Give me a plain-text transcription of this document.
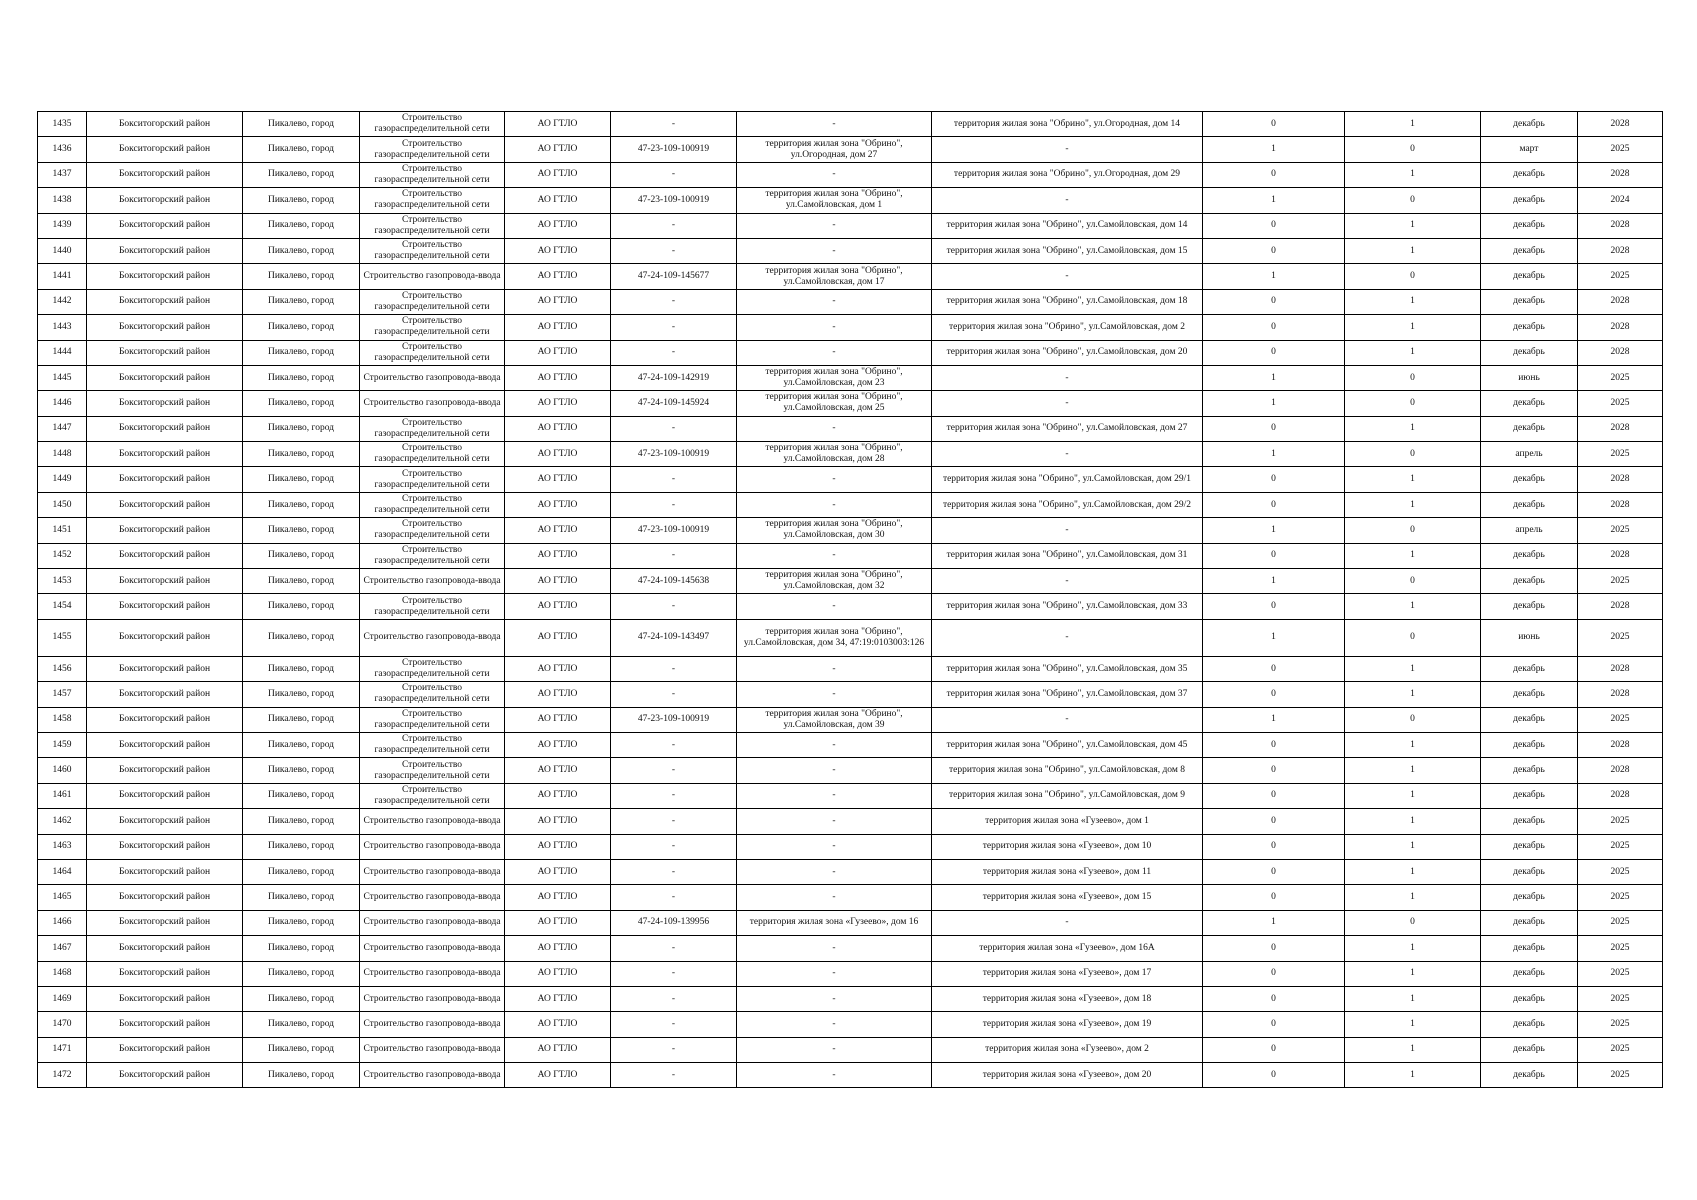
1435	Бокситогорский район	Пикалево, город	Строительство газораспределительной сети	АО ГТЛО	-	-	территория жилая зона "Обрино", ул.Огородная, дом 14	0	1	декабрь	2028
1436	Бокситогорский район	Пикалево, город	Строительство газораспределительной сети	АО ГТЛО	47-23-109-100919	территория жилая зона "Обрино", ул.Огородная, дом 27	-	1	0	март	2025
1437	Бокситогорский район	Пикалево, город	Строительство газораспределительной сети	АО ГТЛО	-	-	территория жилая зона "Обрино", ул.Огородная, дом 29	0	1	декабрь	2028
1438	Бокситогорский район	Пикалево, город	Строительство газораспределительной сети	АО ГТЛО	47-23-109-100919	территория жилая зона "Обрино", ул.Самойловская, дом 1	-	1	0	декабрь	2024
1439	Бокситогорский район	Пикалево, город	Строительство газораспределительной сети	АО ГТЛО	-	-	территория жилая зона "Обрино", ул.Самойловская, дом 14	0	1	декабрь	2028
1440	Бокситогорский район	Пикалево, город	Строительство газораспределительной сети	АО ГТЛО	-	-	территория жилая зона "Обрино", ул.Самойловская, дом 15	0	1	декабрь	2028
1441	Бокситогорский район	Пикалево, город	Строительство газопровода-ввода	АО ГТЛО	47-24-109-145677	территория жилая зона "Обрино", ул.Самойловская, дом 17	-	1	0	декабрь	2025
1442	Бокситогорский район	Пикалево, город	Строительство газораспределительной сети	АО ГТЛО	-	-	территория жилая зона "Обрино", ул.Самойловская, дом 18	0	1	декабрь	2028
1443	Бокситогорский район	Пикалево, город	Строительство газораспределительной сети	АО ГТЛО	-	-	территория жилая зона "Обрино", ул.Самойловская, дом 2	0	1	декабрь	2028
1444	Бокситогорский район	Пикалево, город	Строительство газораспределительной сети	АО ГТЛО	-	-	территория жилая зона "Обрино", ул.Самойловская, дом 20	0	1	декабрь	2028
1445	Бокситогорский район	Пикалево, город	Строительство газопровода-ввода	АО ГТЛО	47-24-109-142919	территория жилая зона "Обрино", ул.Самойловская, дом 23	-	1	0	июнь	2025
1446	Бокситогорский район	Пикалево, город	Строительство газопровода-ввода	АО ГТЛО	47-24-109-145924	территория жилая зона "Обрино", ул.Самойловская, дом 25	-	1	0	декабрь	2025
1447	Бокситогорский район	Пикалево, город	Строительство газораспределительной сети	АО ГТЛО	-	-	территория жилая зона "Обрино", ул.Самойловская, дом 27	0	1	декабрь	2028
1448	Бокситогорский район	Пикалево, город	Строительство газораспределительной сети	АО ГТЛО	47-23-109-100919	территория жилая зона "Обрино", ул.Самойловская, дом 28	-	1	0	апрель	2025
1449	Бокситогорский район	Пикалево, город	Строительство газораспределительной сети	АО ГТЛО	-	-	территория жилая зона "Обрино", ул.Самойловская, дом 29/1	0	1	декабрь	2028
1450	Бокситогорский район	Пикалево, город	Строительство газораспределительной сети	АО ГТЛО	-	-	территория жилая зона "Обрино", ул.Самойловская, дом 29/2	0	1	декабрь	2028
1451	Бокситогорский район	Пикалево, город	Строительство газораспределительной сети	АО ГТЛО	47-23-109-100919	территория жилая зона "Обрино", ул.Самойловская, дом 30	-	1	0	апрель	2025
1452	Бокситогорский район	Пикалево, город	Строительство газораспределительной сети	АО ГТЛО	-	-	территория жилая зона "Обрино", ул.Самойловская, дом 31	0	1	декабрь	2028
1453	Бокситогорский район	Пикалево, город	Строительство газопровода-ввода	АО ГТЛО	47-24-109-145638	территория жилая зона "Обрино", ул.Самойловская, дом 32	-	1	0	декабрь	2025
1454	Бокситогорский район	Пикалево, город	Строительство газораспределительной сети	АО ГТЛО	-	-	территория жилая зона "Обрино", ул.Самойловская, дом 33	0	1	декабрь	2028
1455	Бокситогорский район	Пикалево, город	Строительство газопровода-ввода	АО ГТЛО	47-24-109-143497	территория жилая зона "Обрино", ул.Самойловская, дом 34, 47:19:0103003:126	-	1	0	июнь	2025
1456	Бокситогорский район	Пикалево, город	Строительство газораспределительной сети	АО ГТЛО	-	-	территория жилая зона "Обрино", ул.Самойловская, дом 35	0	1	декабрь	2028
1457	Бокситогорский район	Пикалево, город	Строительство газораспределительной сети	АО ГТЛО	-	-	территория жилая зона "Обрино", ул.Самойловская, дом 37	0	1	декабрь	2028
1458	Бокситогорский район	Пикалево, город	Строительство газораспределительной сети	АО ГТЛО	47-23-109-100919	территория жилая зона "Обрино", ул.Самойловская, дом 39	-	1	0	декабрь	2025
1459	Бокситогорский район	Пикалево, город	Строительство газораспределительной сети	АО ГТЛО	-	-	территория жилая зона "Обрино", ул.Самойловская, дом 45	0	1	декабрь	2028
1460	Бокситогорский район	Пикалево, город	Строительство газораспределительной сети	АО ГТЛО	-	-	территория жилая зона "Обрино", ул.Самойловская, дом 8	0	1	декабрь	2028
1461	Бокситогорский район	Пикалево, город	Строительство газораспределительной сети	АО ГТЛО	-	-	территория жилая зона "Обрино", ул.Самойловская, дом 9	0	1	декабрь	2028
1462	Бокситогорский район	Пикалево, город	Строительство газопровода-ввода	АО ГТЛО	-	-	территория жилая зона «Гузеево», дом 1	0	1	декабрь	2025
1463	Бокситогорский район	Пикалево, город	Строительство газопровода-ввода	АО ГТЛО	-	-	территория жилая зона «Гузеево», дом 10	0	1	декабрь	2025
1464	Бокситогорский район	Пикалево, город	Строительство газопровода-ввода	АО ГТЛО	-	-	территория жилая зона «Гузеево», дом 11	0	1	декабрь	2025
1465	Бокситогорский район	Пикалево, город	Строительство газопровода-ввода	АО ГТЛО	-	-	территория жилая зона «Гузеево», дом 15	0	1	декабрь	2025
1466	Бокситогорский район	Пикалево, город	Строительство газопровода-ввода	АО ГТЛО	47-24-109-139956	территория жилая зона «Гузеево», дом 16	-	1	0	декабрь	2025
1467	Бокситогорский район	Пикалево, город	Строительство газопровода-ввода	АО ГТЛО	-	-	территория жилая зона «Гузеево», дом 16А	0	1	декабрь	2025
1468	Бокситогорский район	Пикалево, город	Строительство газопровода-ввода	АО ГТЛО	-	-	территория жилая зона «Гузеево», дом 17	0	1	декабрь	2025
1469	Бокситогорский район	Пикалево, город	Строительство газопровода-ввода	АО ГТЛО	-	-	территория жилая зона «Гузеево», дом 18	0	1	декабрь	2025
1470	Бокситогорский район	Пикалево, город	Строительство газопровода-ввода	АО ГТЛО	-	-	территория жилая зона «Гузеево», дом 19	0	1	декабрь	2025
1471	Бокситогорский район	Пикалево, город	Строительство газопровода-ввода	АО ГТЛО	-	-	территория жилая зона «Гузеево», дом 2	0	1	декабрь	2025
1472	Бокситогорский район	Пикалево, город	Строительство газопровода-ввода	АО ГТЛО	-	-	территория жилая зона «Гузеево», дом 20	0	1	декабрь	2025
